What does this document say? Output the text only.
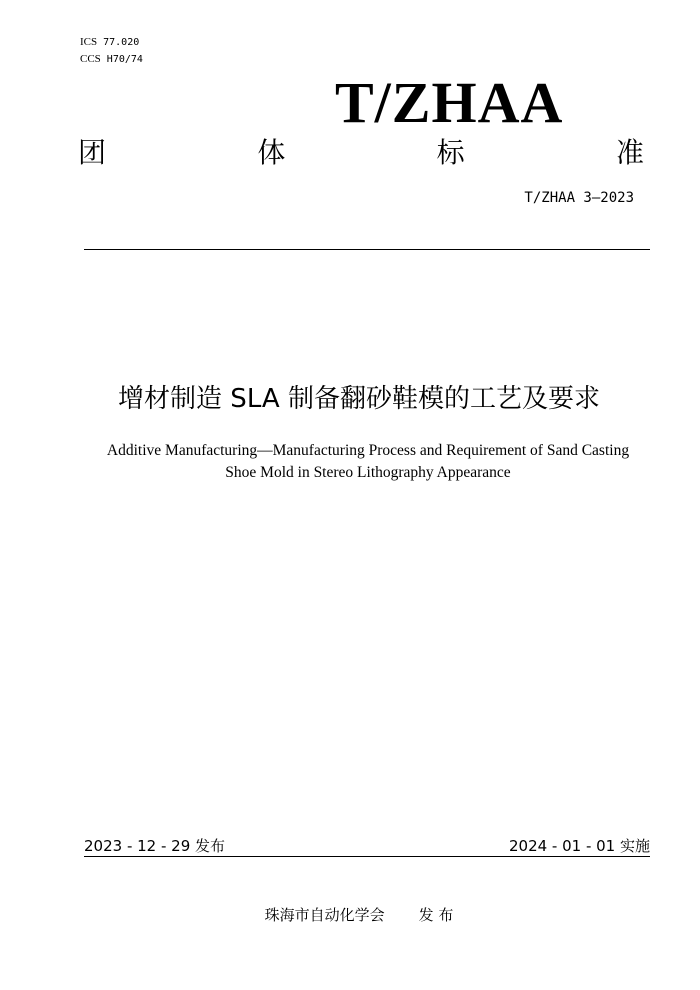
ICS 77.020
CCS H70/74
T/ZHAA
团	体	标	准
T/ZHAA 3—2023
增材制造 SLA 制备翻砂鞋模的工艺及要求
Additive Manufacturing—Manufacturing Process and Requirement of Sand Casting
Shoe Mold in Stereo Lithography Appearance
2023 - 12 - 29 发布	2024 - 01 - 01 实施
珠海市自动化学会 发 布
